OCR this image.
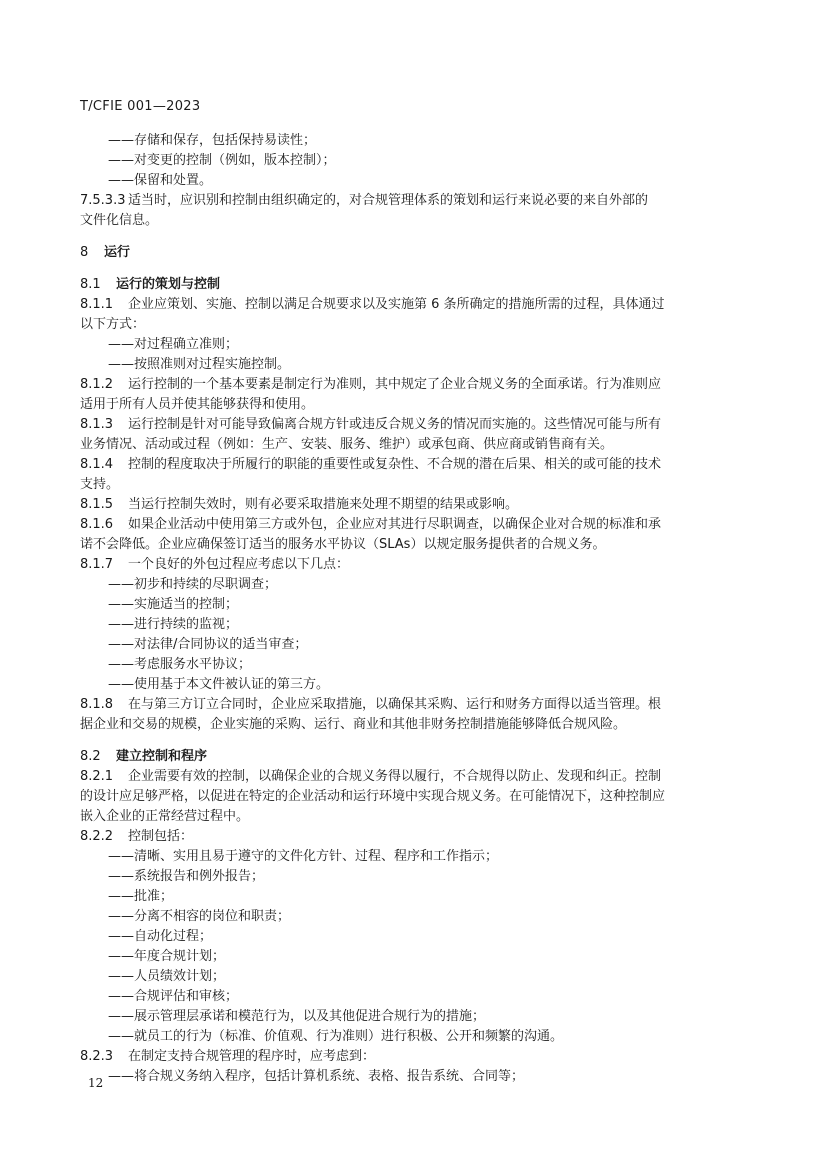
T/CFIE 001—2023
——存储和保存，包括保持易读性；
——对变更的控制（例如，版本控制）；
——保留和处置。
7.5.3.3 适当时，应识别和控制由组织确定的，对合规管理体系的策划和运行来说必要的来自外部的
文件化信息。
8 运行
8.1 运行的策划与控制
8.1.1 企业应策划、实施、控制以满足合规要求以及实施第 6 条所确定的措施所需的过程，具体通过
以下方式：
——对过程确立准则；
——按照准则对过程实施控制。
8.1.2 运行控制的一个基本要素是制定行为准则，其中规定了企业合规义务的全面承诺。行为准则应
适用于所有人员并使其能够获得和使用。
8.1.3 运行控制是针对可能导致偏离合规方针或违反合规义务的情况而实施的。这些情况可能与所有
业务情况、活动或过程（例如：生产、安装、服务、维护）或承包商、供应商或销售商有关。
8.1.4 控制的程度取决于所履行的职能的重要性或复杂性、不合规的潜在后果、相关的或可能的技术
支持。
8.1.5 当运行控制失效时，则有必要采取措施来处理不期望的结果或影响。
8.1.6 如果企业活动中使用第三方或外包，企业应对其进行尽职调查，以确保企业对合规的标准和承
诺不会降低。企业应确保签订适当的服务水平协议（SLAs）以规定服务提供者的合规义务。
8.1.7 一个良好的外包过程应考虑以下几点：
——初步和持续的尽职调查；
——实施适当的控制；
——进行持续的监视；
——对法律/合同协议的适当审查；
——考虑服务水平协议；
——使用基于本文件被认证的第三方。
8.1.8 在与第三方订立合同时，企业应采取措施，以确保其采购、运行和财务方面得以适当管理。根
据企业和交易的规模，企业实施的采购、运行、商业和其他非财务控制措施能够降低合规风险。
8.2 建立控制和程序
8.2.1 企业需要有效的控制，以确保企业的合规义务得以履行，不合规得以防止、发现和纠正。控制
的设计应足够严格，以促进在特定的企业活动和运行环境中实现合规义务。在可能情况下，这种控制应
嵌入企业的正常经营过程中。
8.2.2 控制包括：
——清晰、实用且易于遵守的文件化方针、过程、程序和工作指示；
——系统报告和例外报告；
——批准；
——分离不相容的岗位和职责；
——自动化过程；
——年度合规计划；
——人员绩效计划；
——合规评估和审核；
——展示管理层承诺和模范行为，以及其他促进合规行为的措施；
——就员工的行为（标准、价值观、行为准则）进行积极、公开和频繁的沟通。
8.2.3 在制定支持合规管理的程序时，应考虑到：
——将合规义务纳入程序，包括计算机系统、表格、报告系统、合同等；
12
